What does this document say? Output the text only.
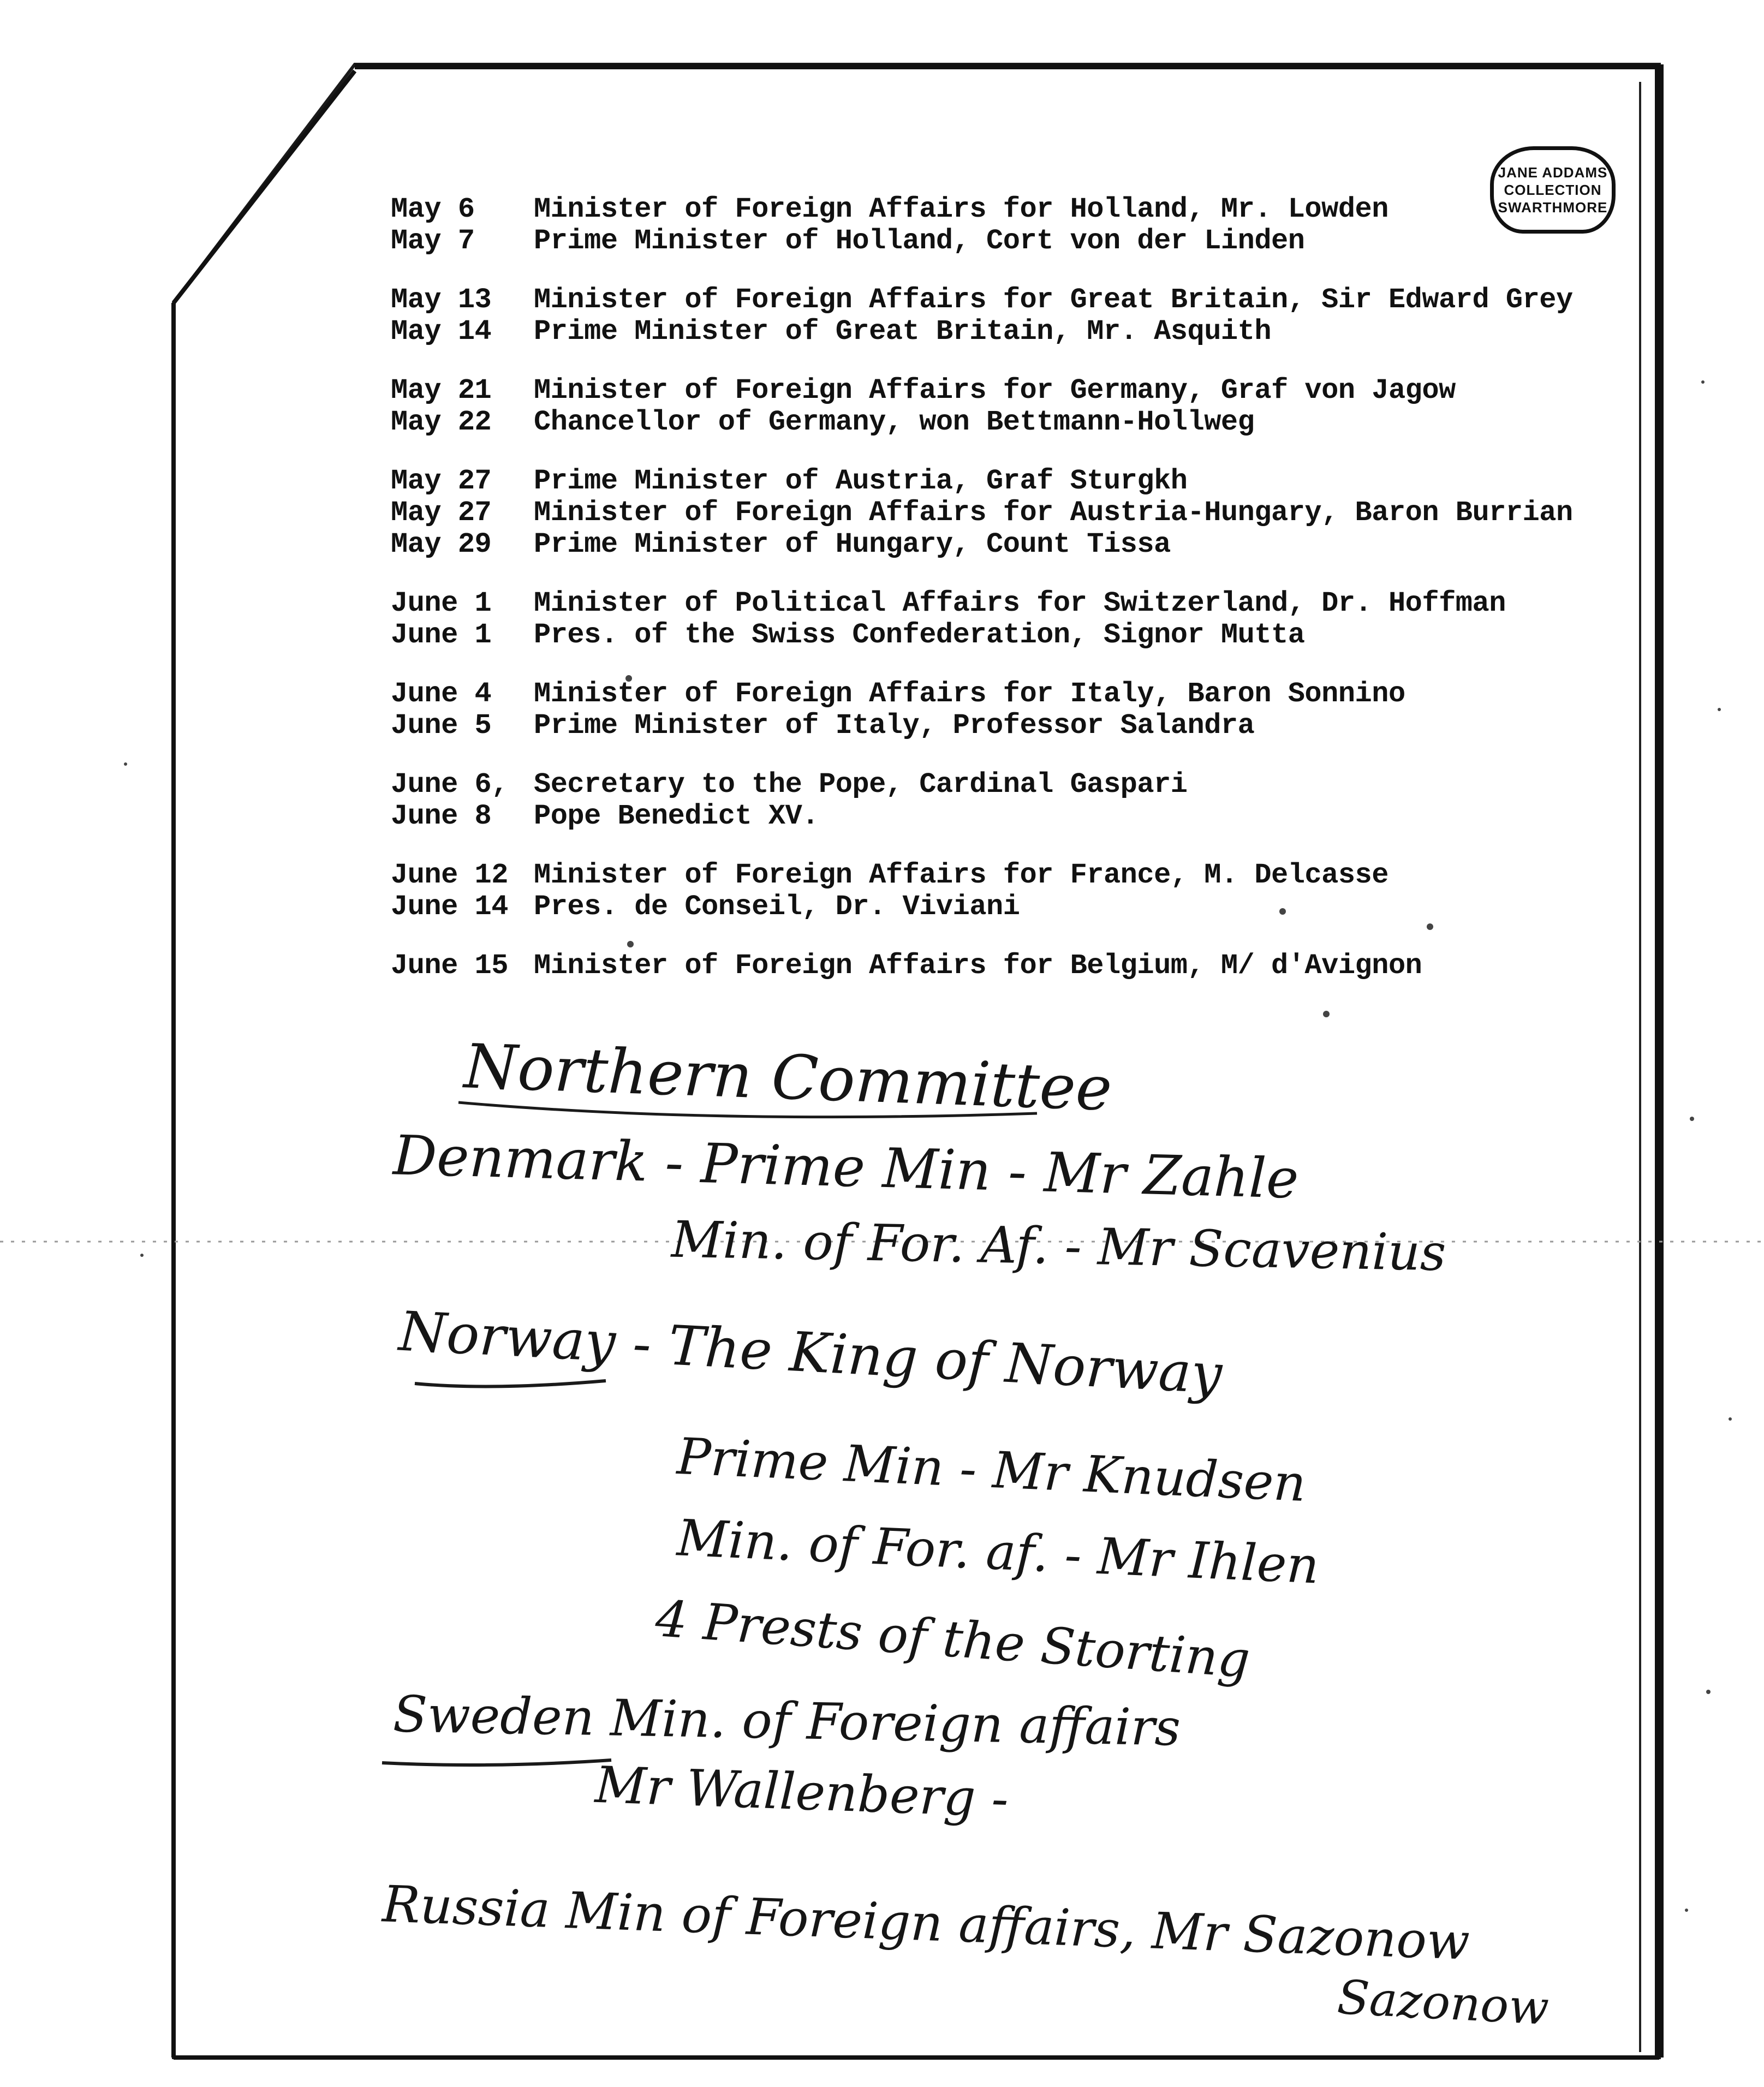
JANE ADDAMS
COLLECTION
SWARTHMORE
May 6	Minister of Foreign Affairs for Holland, Mr. Lowden
May 7	Prime Minister of Holland, Cort von der Linden
May 13	Minister of Foreign Affairs for Great Britain, Sir Edward Grey
May 14	Prime Minister of Great Britain, Mr. Asquith
May 21	Minister of Foreign Affairs for Germany, Graf von Jagow
May 22	Chancellor of Germany, won Bettmann-Hollweg
May 27	Prime Minister of Austria, Graf Sturgkh
May 27	Minister of Foreign Affairs for Austria-Hungary, Baron Burrian
May 29	Prime Minister of Hungary, Count Tissa
June 1	Minister of Political Affairs for Switzerland, Dr. Hoffman
June 1	Pres. of the Swiss Confederation, Signor Mutta
June 4	Minister of Foreign Affairs for Italy, Baron Sonnino
June 5	Prime Minister of Italy, Professor Salandra
June 6, Secretary to the Pope, Cardinal Gaspari
June 8	Pope Benedict XV.
June 12 Minister of Foreign Affairs for France, M. Delcasse
June 14 Pres. de Conseil, Dr. Viviani
June 15 Minister of Foreign Affairs for Belgium, M/ d'Avignon
Northern Committee
Denmark - Prime Min - Mr Zahle
Min. of For. Af. - Mr Scavenius
Norway - The King of Norway
Prime Min - Mr Knudsen
Min. of For. af. - Mr Ihlen
4 Prests of the Storting
Sweden Min. of Foreign affairs
Mr Wallenberg -
Russia Min of Foreign affairs, Mr Sazonow
Sazonow
